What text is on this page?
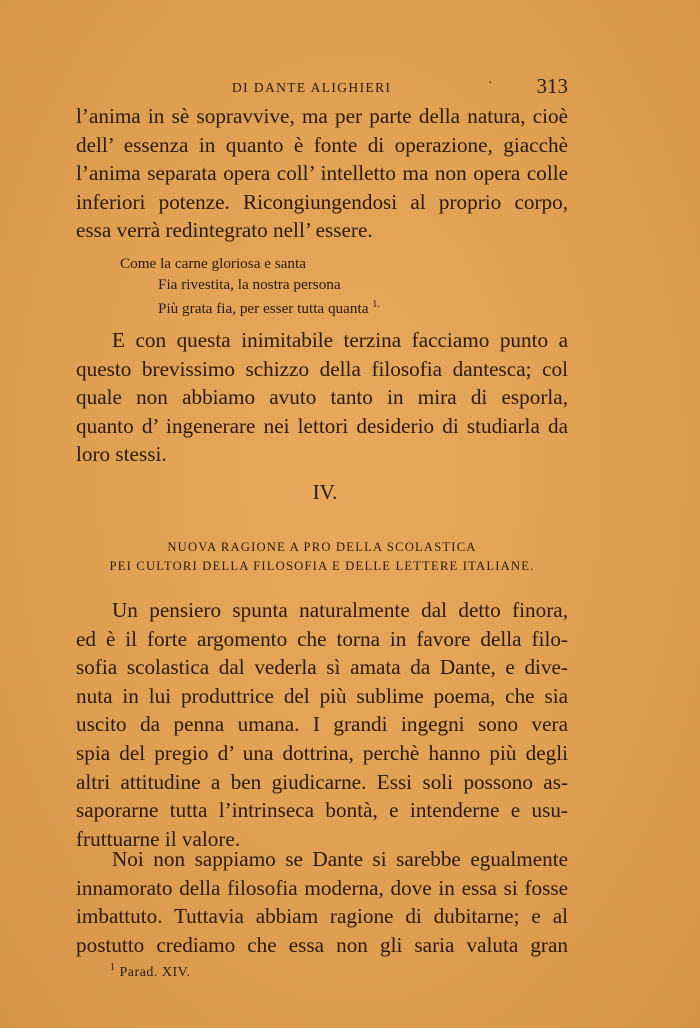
DI DANTE ALIGHIERI	· 313
l’anima in sè sopravvive, ma per parte della natura, cioè
dell’ essenza in quanto è fonte di operazione, giacchè
l’anima separata opera coll’ intelletto ma non opera colle
inferiori potenze. Ricongiungendosi al proprio corpo,
essa verrà redintegrato nell’ essere.
Come la carne gloriosa e santa
Fia rivestita, la nostra persona
Più grata fia, per esser tutta quanta $^{1.}$
E con questa inimitabile terzina facciamo punto a
questo brevissimo schizzo della filosofia dantesca; col
quale non abbiamo avuto tanto in mira di esporla,
quanto d’ ingenerare nei lettori desiderio di studiarla da
loro stessi.
IV.
NUOVA RAGIONE A PRO DELLA SCOLASTICA
PEI CULTORI DELLA FILOSOFIA E DELLE LETTERE ITALIANE.
Un pensiero spunta naturalmente dal detto finora,
ed è il forte argomento che torna in favore della filo-
sofia scolastica dal vederla sì amata da Dante, e dive-
nuta in lui produttrice del più sublime poema, che sia
uscito da penna umana. I grandi ingegni sono vera
spia del pregio d’ una dottrina, perchè hanno più degli
altri attitudine a ben giudicarne. Essi soli possono as-
saporarne tutta l’intrinseca bontà, e intenderne e usu-
fruttuarne il valore.
Noi non sappiamo se Dante si sarebbe egualmente
innamorato della filosofia moderna, dove in essa si fosse
imbattuto. Tuttavia abbiam ragione di dubitarne; e al
postutto crediamo che essa non gli saria valuta gran
$^1$ Parad. XIV.
